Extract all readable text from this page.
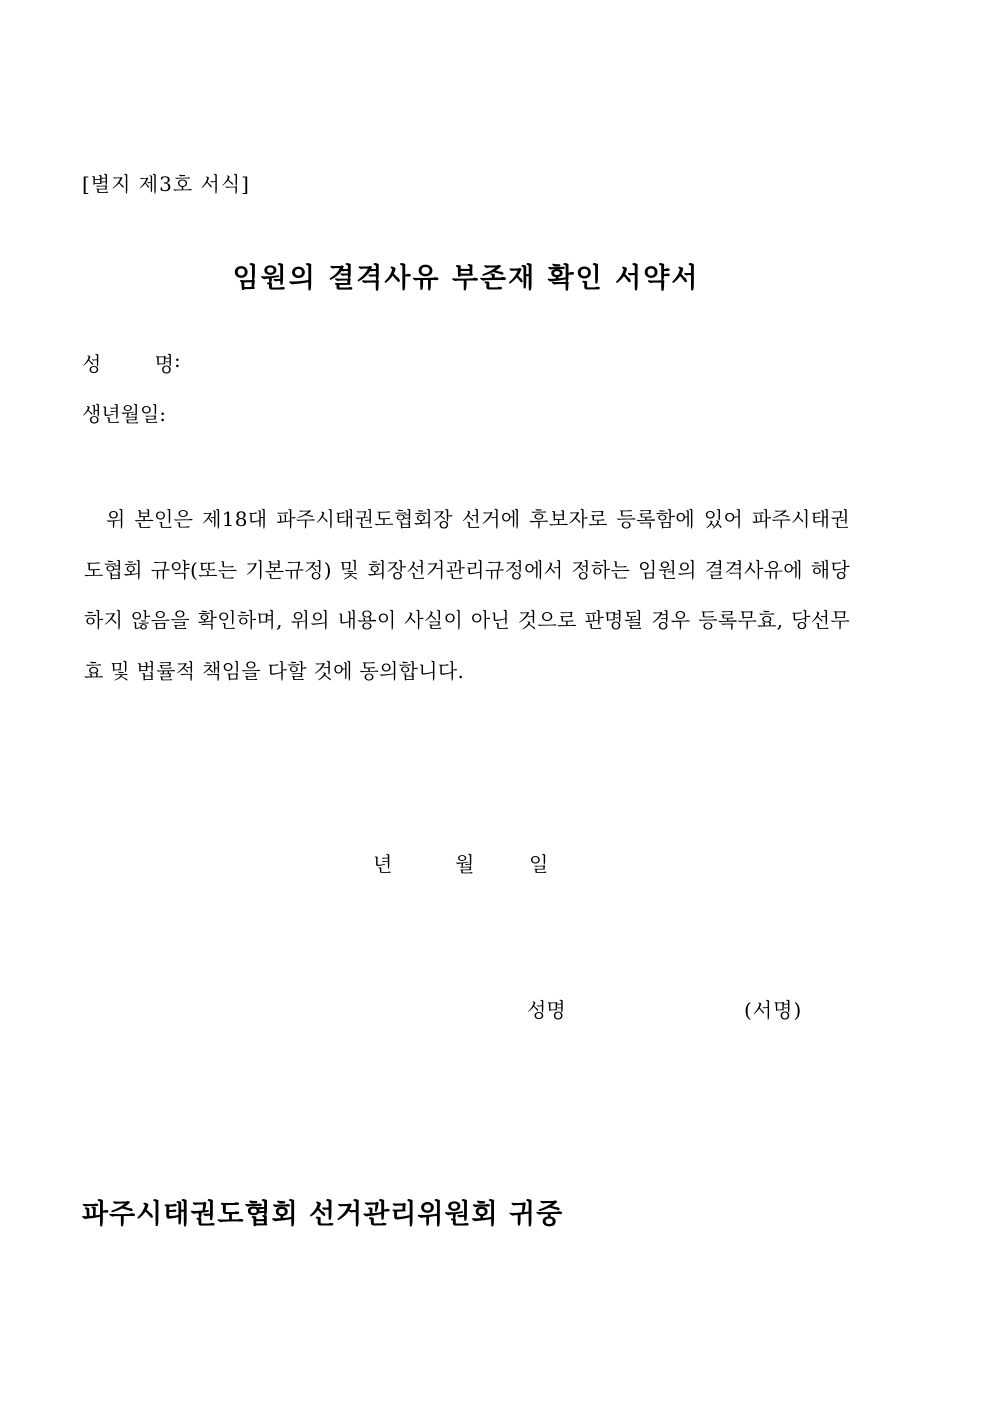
[별지 제3호 서식]
임원의 결격사유 부존재 확인 서약서
성 명 :
생년월일:

위 본인은 제18대 파주시태권도협회장 선거에 후보자로 등록함에 있어 파주시태권도협회 규약(또는 기본규정) 및 회장선거관리규정에서 정하는 임원의 결격사유에 해당하지 않음을 확인하며, 위의 내용이 사실이 아닌 것으로 판명될 경우 등록무효, 당선무효 및 법률적 책임을 다할 것에 동의합니다.

년	월	일
성명	(서명)
파주시태권도협회 선거관리위원회 귀중
